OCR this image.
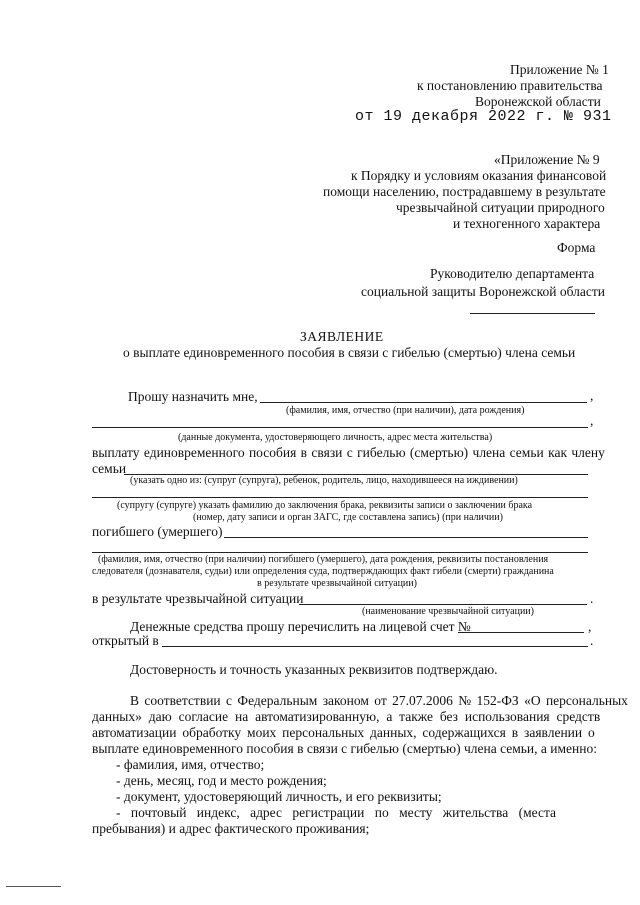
Приложение № 1
к постановлению правительства
Воронежской области
от 19 декабря 2022 г. № 931
«Приложение № 9
к Порядку и условиям оказания финансовой
помощи населению, пострадавшему в результате
чрезвычайной ситуации природного
и техногенного характера
Форма
Руководителю департамента
социальной защиты Воронежской области
ЗАЯВЛЕНИЕ
о выплате единовременного пособия в связи с гибелью (смертью) члена семьи
Прошу назначить мне,	,
(фамилия, имя, отчество (при наличии), дата рождения)
,
(данные документа, удостоверяющего личность, адрес места жительства)
выплату единовременного пособия в связи с гибелью (смертью) члена семьи как члену
семьи
(указать одно из: (супруг (супруга), ребенок, родитель, лицо, находившееся на иждивении)
(супругу (супруге) указать фамилию до заключения брака, реквизиты записи о заключении брака
(номер, дату записи и орган ЗАГС, где составлена запись) (при наличии)
погибшего (умершего)
(фамилия, имя, отчество (при наличии) погибшего (умершего), дата рождения, реквизиты постановления
следователя (дознавателя, судьи) или определения суда, подтверждающих факт гибели (смерти) гражданина
в результате чрезвычайной ситуации)
в результате чрезвычайной ситуации	.
(наименование чрезвычайной ситуации)
Денежные средства прошу перечислить на лицевой счет №	,
открытый в	.
Достоверность и точность указанных реквизитов подтверждаю.
В соответствии с Федеральным законом от 27.07.2006 № 152-ФЗ «О персональных
данных» даю согласие на автоматизированную, а также без использования средств
автоматизации обработку моих персональных данных, содержащихся в заявлении о
выплате единовременного пособия в связи с гибелью (смертью) члена семьи, а именно:
- фамилия, имя, отчество;
- день, месяц, год и место рождения;
- документ, удостоверяющий личность, и его реквизиты;
- почтовый индекс, адрес регистрации по месту жительства (места
пребывания) и адрес фактического проживания;
